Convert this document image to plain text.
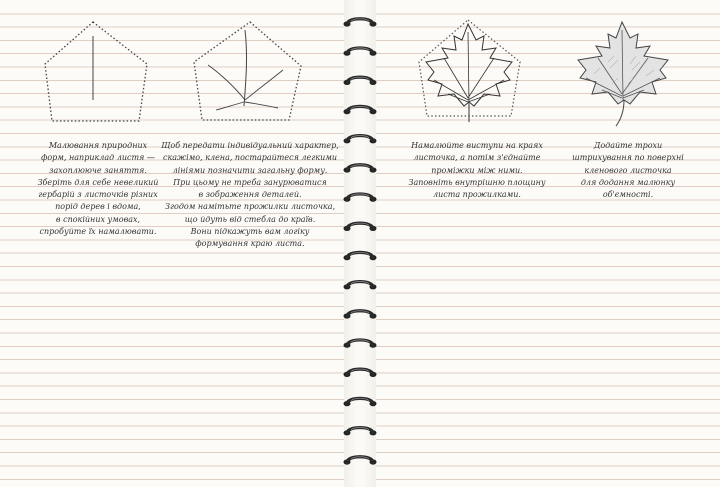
Малювання природних
форм, наприклад листя —
захоплююче заняття.
Зберіть для себе невеликий
гербарій з листочків різних
порід дерев і вдома,
в спокійних умовах,
спробуйте їх намалювати.

Щоб передати індивідуальний характер,
скажімо, клена, постарайтеся легкими
лініями позначити загальну форму.
При цьому не треба занурюватися
в зображення деталей.
Згодом намітьте прожилки листочка,
що йдуть від стебла до країв.
Вони підкажуть вам логіку
формування краю листа.

Намалюйте виступи на краях
листочка, а потім з'єднайте
проміжки між ними.
Заповніть внутрішню площину
листа прожилками.

Додайте трохи
штрихування по поверхні
кленового листочка
для додання малюнку
об'ємності.
